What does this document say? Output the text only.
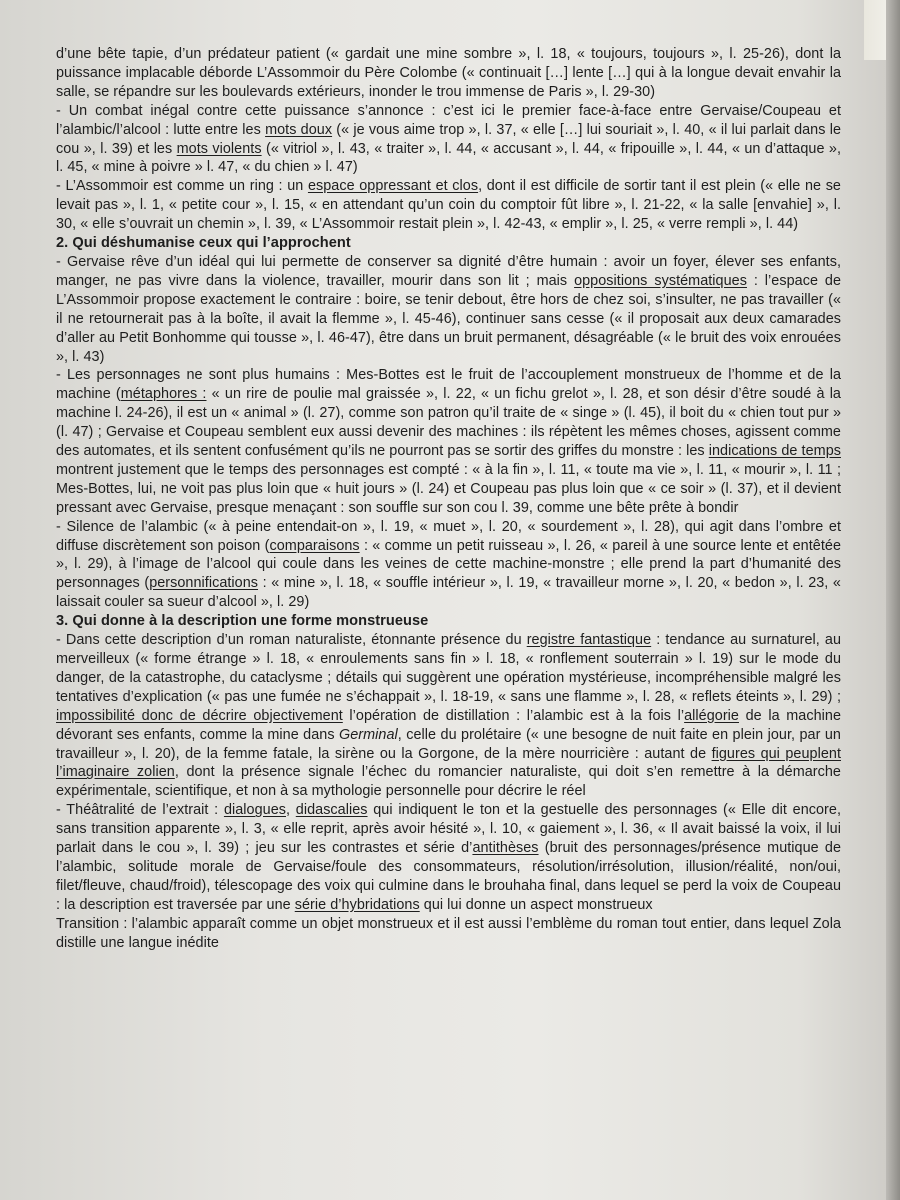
d’une bête tapie, d’un prédateur patient (« gardait une mine sombre », l. 18, « toujours, toujours », l. 25-26), dont la puissance implacable déborde L’Assommoir du Père Colombe (« continuait […] lente […] qui à la longue devait envahir la salle, se répandre sur les boulevards extérieurs, inonder le trou immense de Paris », l. 29-30)

- Un combat inégal contre cette puissance s’annonce : c’est ici le premier face-à-face entre Gervaise/Coupeau et l’alambic/l’alcool : lutte entre les mots doux (« je vous aime trop », l. 37, « elle […] lui souriait », l. 40, « il lui parlait dans le cou », l. 39) et les mots violents (« vitriol », l. 43, « traiter », l. 44, « accusant », l. 44, « fripouille », l. 44, « un d’attaque », l. 45, « mine à poivre » l. 47, « du chien » l. 47)

- L’Assommoir est comme un ring : un espace oppressant et clos, dont il est difficile de sortir tant il est plein (« elle ne se levait pas », l. 1, « petite cour », l. 15, « en attendant qu’un coin du comptoir fût libre », l. 21-22, « la salle [envahie] », l. 30, « elle s’ouvrait un chemin », l. 39, « L’Assommoir restait plein », l. 42-43, « emplir », l. 25, « verre rempli », l. 44)

2. Qui déshumanise ceux qui l’approchent

- Gervaise rêve d’un idéal qui lui permette de conserver sa dignité d’être humain : avoir un foyer, élever ses enfants, manger, ne pas vivre dans la violence, travailler, mourir dans son lit ; mais oppositions systématiques : l’espace de L’Assommoir propose exactement le contraire : boire, se tenir debout, être hors de chez soi, s’insulter, ne pas travailler (« il ne retournerait pas à la boîte, il avait la flemme », l. 45-46), continuer sans cesse (« il proposait aux deux camarades d’aller au Petit Bonhomme qui tousse », l. 46-47), être dans un bruit permanent, désagréable (« le bruit des voix enrouées », l. 43)

- Les personnages ne sont plus humains : Mes-Bottes est le fruit de l’accouplement monstrueux de l’homme et de la machine (métaphores : « un rire de poulie mal graissée », l. 22, « un fichu grelot », l. 28, et son désir d’être soudé à la machine l. 24-26), il est un « animal » (l. 27), comme son patron qu’il traite de « singe » (l. 45), il boit du « chien tout pur » (l. 47) ; Gervaise et Coupeau semblent eux aussi devenir des machines : ils répètent les mêmes choses, agissent comme des automates, et ils sentent confusément qu’ils ne pourront pas se sortir des griffes du monstre : les indications de temps montrent justement que le temps des personnages est compté : « à la fin », l. 11, « toute ma vie », l. 11, « mourir », l. 11 ; Mes-Bottes, lui, ne voit pas plus loin que « huit jours » (l. 24) et Coupeau pas plus loin que « ce soir » (l. 37), et il devient pressant avec Gervaise, presque menaçant : son souffle sur son cou l. 39, comme une bête prête à bondir

- Silence de l’alambic (« à peine entendait-on », l. 19, « muet », l. 20, « sourdement », l. 28), qui agit dans l’ombre et diffuse discrètement son poison (comparaisons : « comme un petit ruisseau », l. 26, « pareil à une source lente et entêtée », l. 29), à l’image de l’alcool qui coule dans les veines de cette machine-monstre ; elle prend la part d’humanité des personnages (personnifications : « mine », l. 18, « souffle intérieur », l. 19, « travailleur morne », l. 20, « bedon », l. 23, « laissait couler sa sueur d’alcool », l. 29)

3. Qui donne à la description une forme monstrueuse

- Dans cette description d’un roman naturaliste, étonnante présence du registre fantastique : tendance au surnaturel, au merveilleux (« forme étrange » l. 18, « enroulements sans fin » l. 18, « ronflement souterrain » l. 19) sur le mode du danger, de la catastrophe, du cataclysme ; détails qui suggèrent une opération mystérieuse, incompréhensible malgré les tentatives d’explication (« pas une fumée ne s’échappait », l. 18-19, « sans une flamme », l. 28, « reflets éteints », l. 29) ; impossibilité donc de décrire objectivement l’opération de distillation : l’alambic est à la fois l’allégorie de la machine dévorant ses enfants, comme la mine dans Germinal, celle du prolétaire (« une besogne de nuit faite en plein jour, par un travailleur », l. 20), de la femme fatale, la sirène ou la Gorgone, de la mère nourricière : autant de figures qui peuplent l’imaginaire zolien, dont la présence signale l’échec du romancier naturaliste, qui doit s’en remettre à la démarche expérimentale, scientifique, et non à sa mythologie personnelle pour décrire le réel

- Théâtralité de l’extrait : dialogues, didascalies qui indiquent le ton et la gestuelle des personnages (« Elle dit encore, sans transition apparente », l. 3, « elle reprit, après avoir hésité », l. 10, « gaiement », l. 36, « Il avait baissé la voix, il lui parlait dans le cou », l. 39) ; jeu sur les contrastes et série d’antithèses (bruit des personnages/présence mutique de l’alambic, solitude morale de Gervaise/foule des consommateurs, résolution/irrésolution, illusion/réalité, non/oui, filet/fleuve, chaud/froid), télescopage des voix qui culmine dans le brouhaha final, dans lequel se perd la voix de Coupeau : la description est traversée par une série d’hybridations qui lui donne un aspect monstrueux

Transition : l’alambic apparaît comme un objet monstrueux et il est aussi l’emblème du roman tout entier, dans lequel Zola distille une langue inédite
